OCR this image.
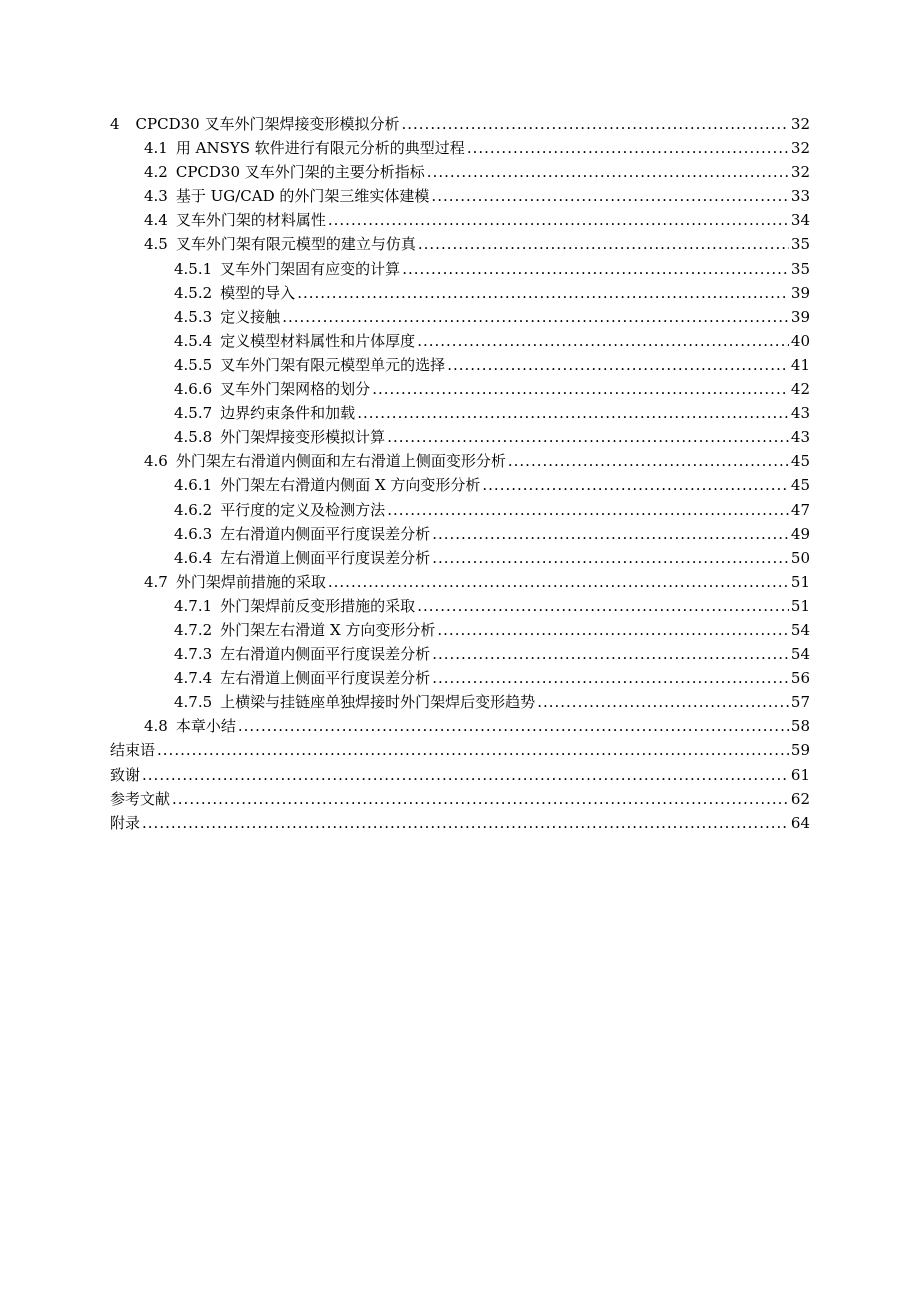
4 CPCD30 叉车外门架焊接变形模拟分析 .....	32
4.1 用 ANSYS 软件进行有限元分析的典型过程 .....	32
4.2 CPCD30 叉车外门架的主要分析指标 .....	32
4.3 基于 UG/CAD 的外门架三维实体建模 .....	33
4.4 叉车外门架的材料属性 .....	34
4.5 叉车外门架有限元模型的建立与仿真 .....	35
4.5.1 叉车外门架固有应变的计算 .....	35
4.5.2 模型的导入 .....	39
4.5.3 定义接触 .....	39
4.5.4 定义模型材料属性和片体厚度 .....	40
4.5.5 叉车外门架有限元模型单元的选择 .....	41
4.6.6 叉车外门架网格的划分 .....	42
4.5.7 边界约束条件和加载 .....	43
4.5.8 外门架焊接变形模拟计算 .....	43
4.6 外门架左右滑道内侧面和左右滑道上侧面变形分析 .....	45
4.6.1 外门架左右滑道内侧面 X 方向变形分析 .....	45
4.6.2 平行度的定义及检测方法 .....	47
4.6.3 左右滑道内侧面平行度误差分析 .....	49
4.6.4 左右滑道上侧面平行度误差分析 .....	50
4.7 外门架焊前措施的采取 .....	51
4.7.1 外门架焊前反变形措施的采取 .....	51
4.7.2 外门架左右滑道 X 方向变形分析 .....	54
4.7.3 左右滑道内侧面平行度误差分析 .....	54
4.7.4 左右滑道上侧面平行度误差分析 .....	56
4.7.5 上横梁与挂链座单独焊接时外门架焊后变形趋势 .....	57
4.8 本章小结 .....	58
结束语 .....	59
致谢 .....	61
参考文献 .....	62
附录 .....	64
